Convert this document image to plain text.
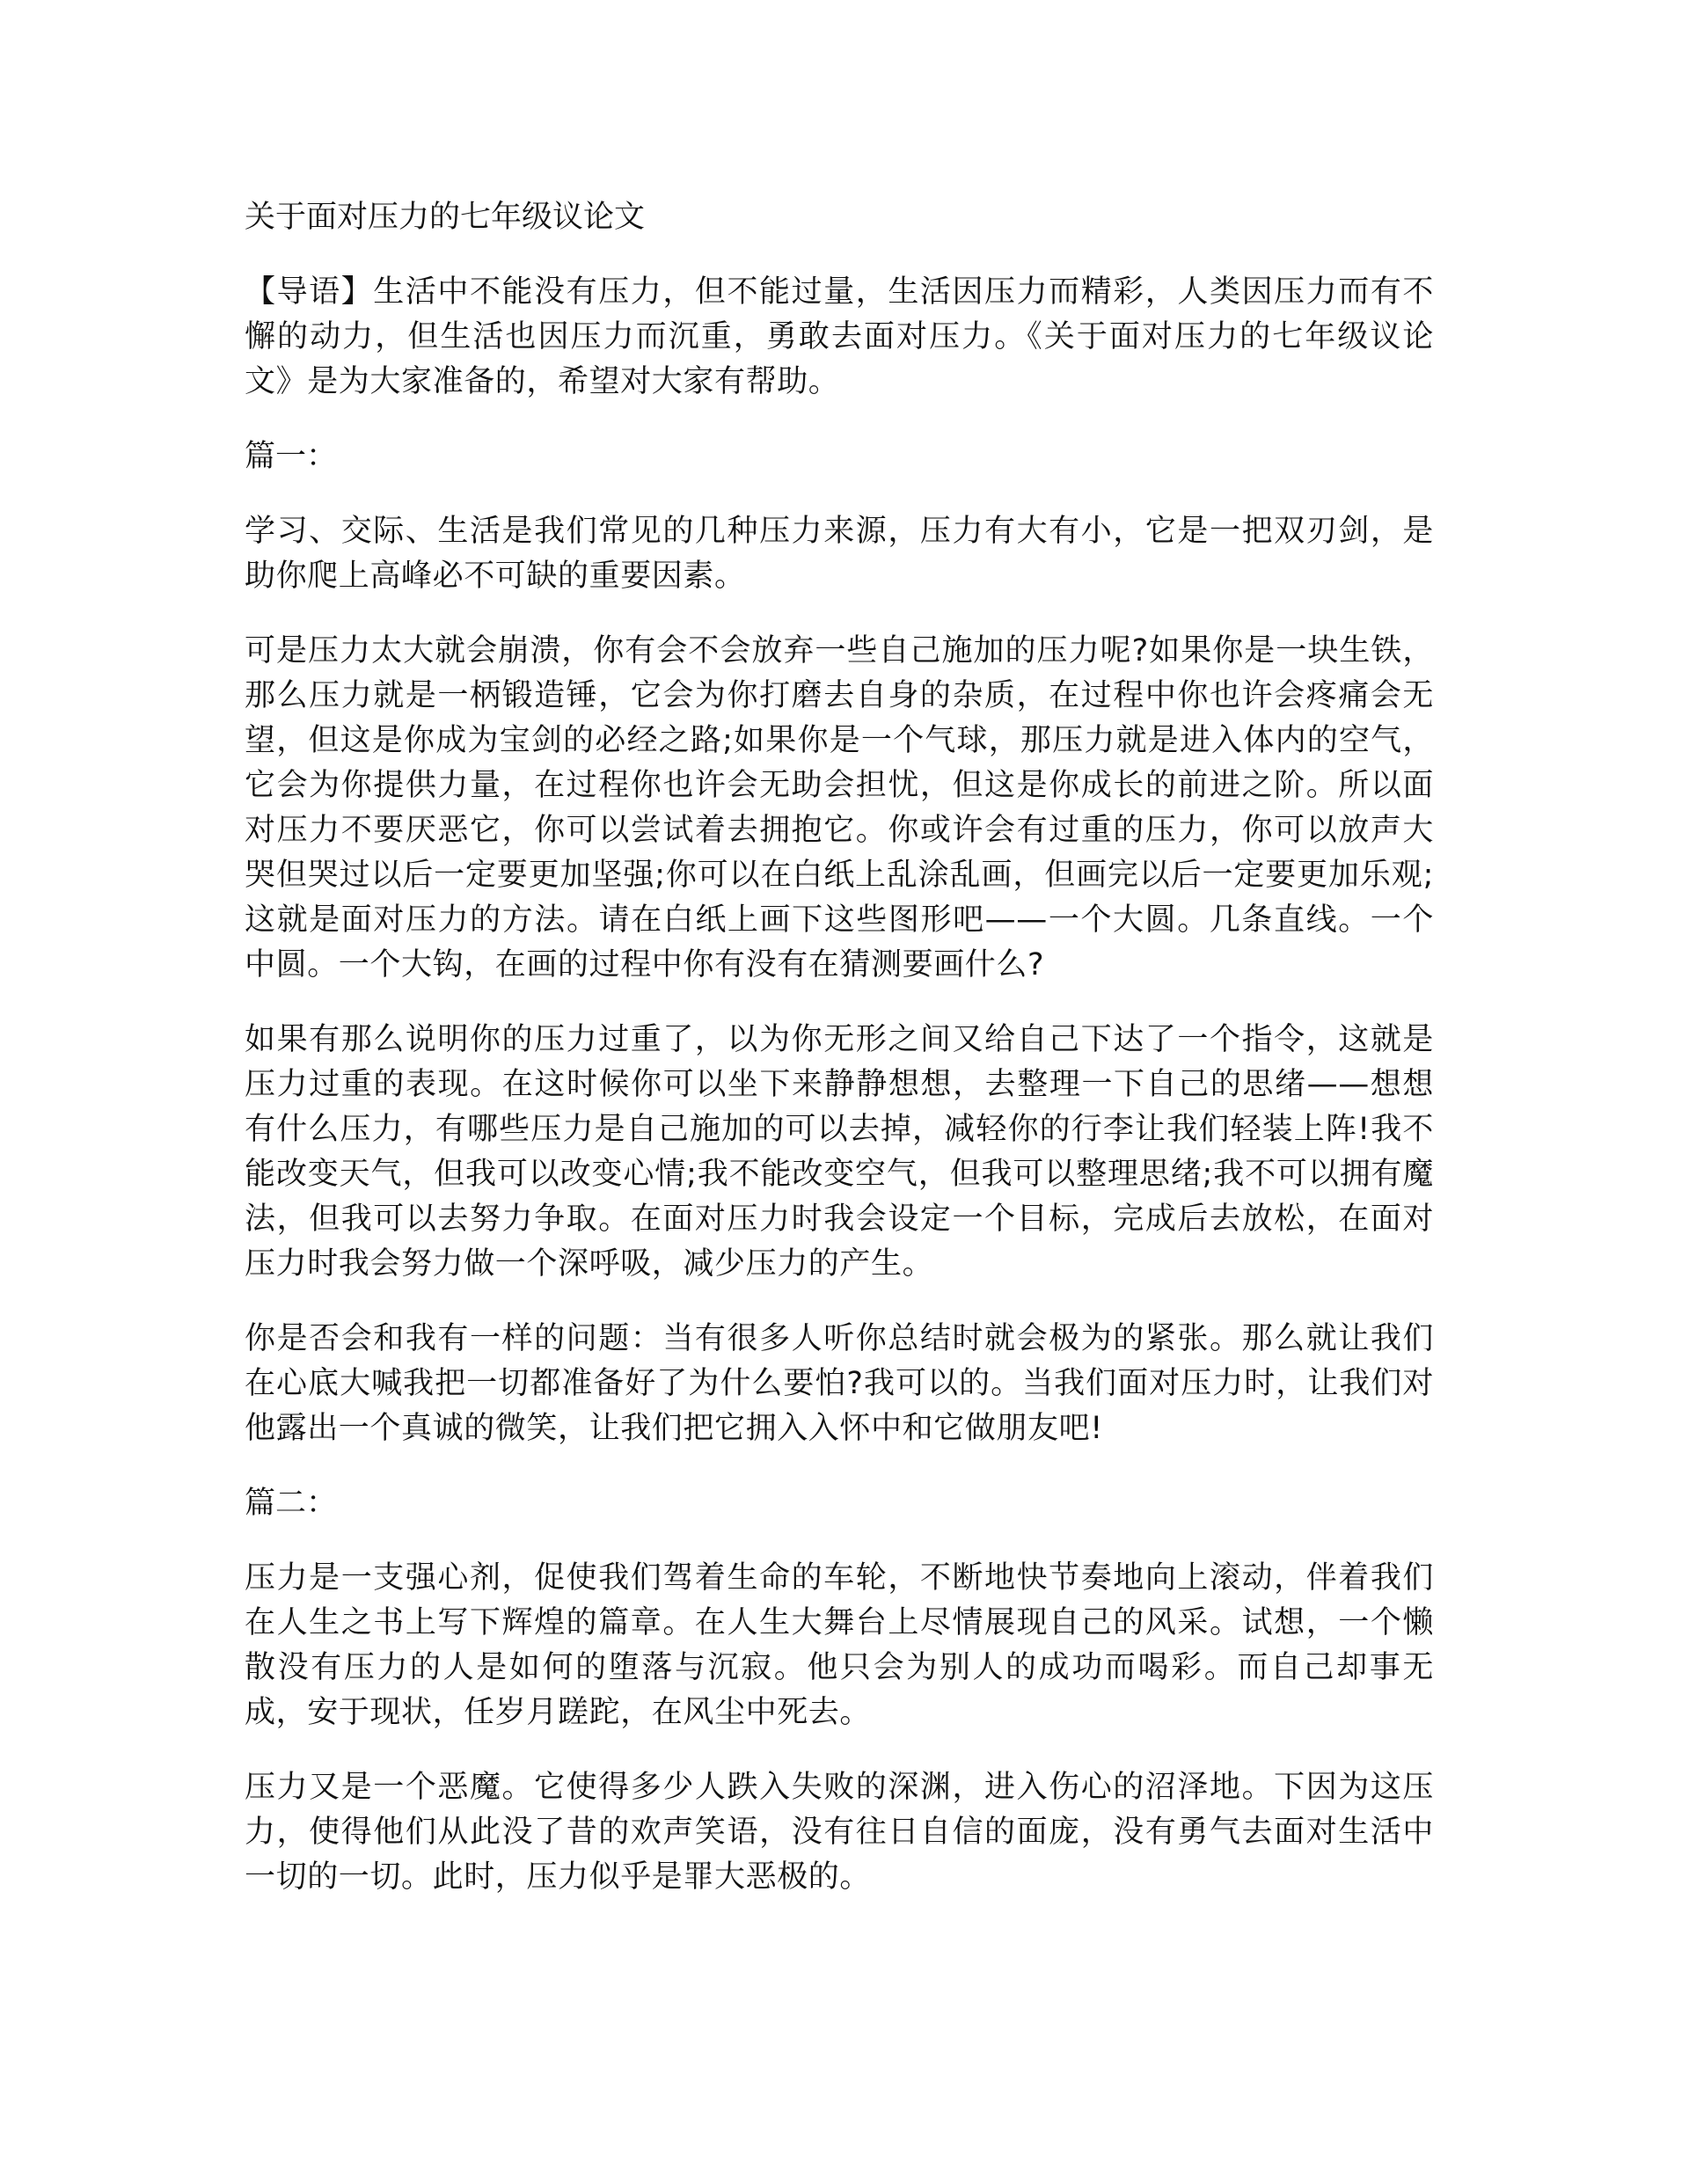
关于面对压力的七年级议论文
【导语】生活中不能没有压力，但不能过量，生活因压力而精彩，人类因压力而有不懈的动力，但生活也因压力而沉重，勇敢去面对压力。《关于面对压力的七年级议论文》是为大家准备的，希望对大家有帮助。
篇一：
学习、交际、生活是我们常见的几种压力来源，压力有大有小，它是一把双刃剑，是助你爬上高峰必不可缺的重要因素。
可是压力太大就会崩溃，你有会不会放弃一些自己施加的压力呢?如果你是一块生铁，那么压力就是一柄锻造锤，它会为你打磨去自身的杂质，在过程中你也许会疼痛会无望，但这是你成为宝剑的必经之路;如果你是一个气球，那压力就是进入体内的空气，它会为你提供力量，在过程你也许会无助会担忧，但这是你成长的前进之阶。所以面对压力不要厌恶它，你可以尝试着去拥抱它。你或许会有过重的压力，你可以放声大哭但哭过以后一定要更加坚强;你可以在白纸上乱涂乱画，但画完以后一定要更加乐观;这就是面对压力的方法。请在白纸上画下这些图形吧——一个大圆。几条直线。一个中圆。一个大钩，在画的过程中你有没有在猜测要画什么?
如果有那么说明你的压力过重了，以为你无形之间又给自己下达了一个指令，这就是压力过重的表现。在这时候你可以坐下来静静想想，去整理一下自己的思绪——想想有什么压力，有哪些压力是自己施加的可以去掉，减轻你的行李让我们轻装上阵!我不能改变天气，但我可以改变心情;我不能改变空气，但我可以整理思绪;我不可以拥有魔法，但我可以去努力争取。在面对压力时我会设定一个目标，完成后去放松，在面对压力时我会努力做一个深呼吸，减少压力的产生。
你是否会和我有一样的问题：当有很多人听你总结时就会极为的紧张。那么就让我们在心底大喊我把一切都准备好了为什么要怕?我可以的。当我们面对压力时，让我们对他露出一个真诚的微笑，让我们把它拥入入怀中和它做朋友吧!
篇二：
压力是一支强心剂，促使我们驾着生命的车轮，不断地快节奏地向上滚动，伴着我们在人生之书上写下辉煌的篇章。在人生大舞台上尽情展现自己的风采。试想，一个懒散没有压力的人是如何的堕落与沉寂。他只会为别人的成功而喝彩。而自己却事无成，安于现状，任岁月蹉跎，在风尘中死去。
压力又是一个恶魔。它使得多少人跌入失败的深渊，进入伤心的沼泽地。下因为这压力，使得他们从此没了昔的欢声笑语，没有往日自信的面庞，没有勇气去面对生活中一切的一切。此时，压力似乎是罪大恶极的。
